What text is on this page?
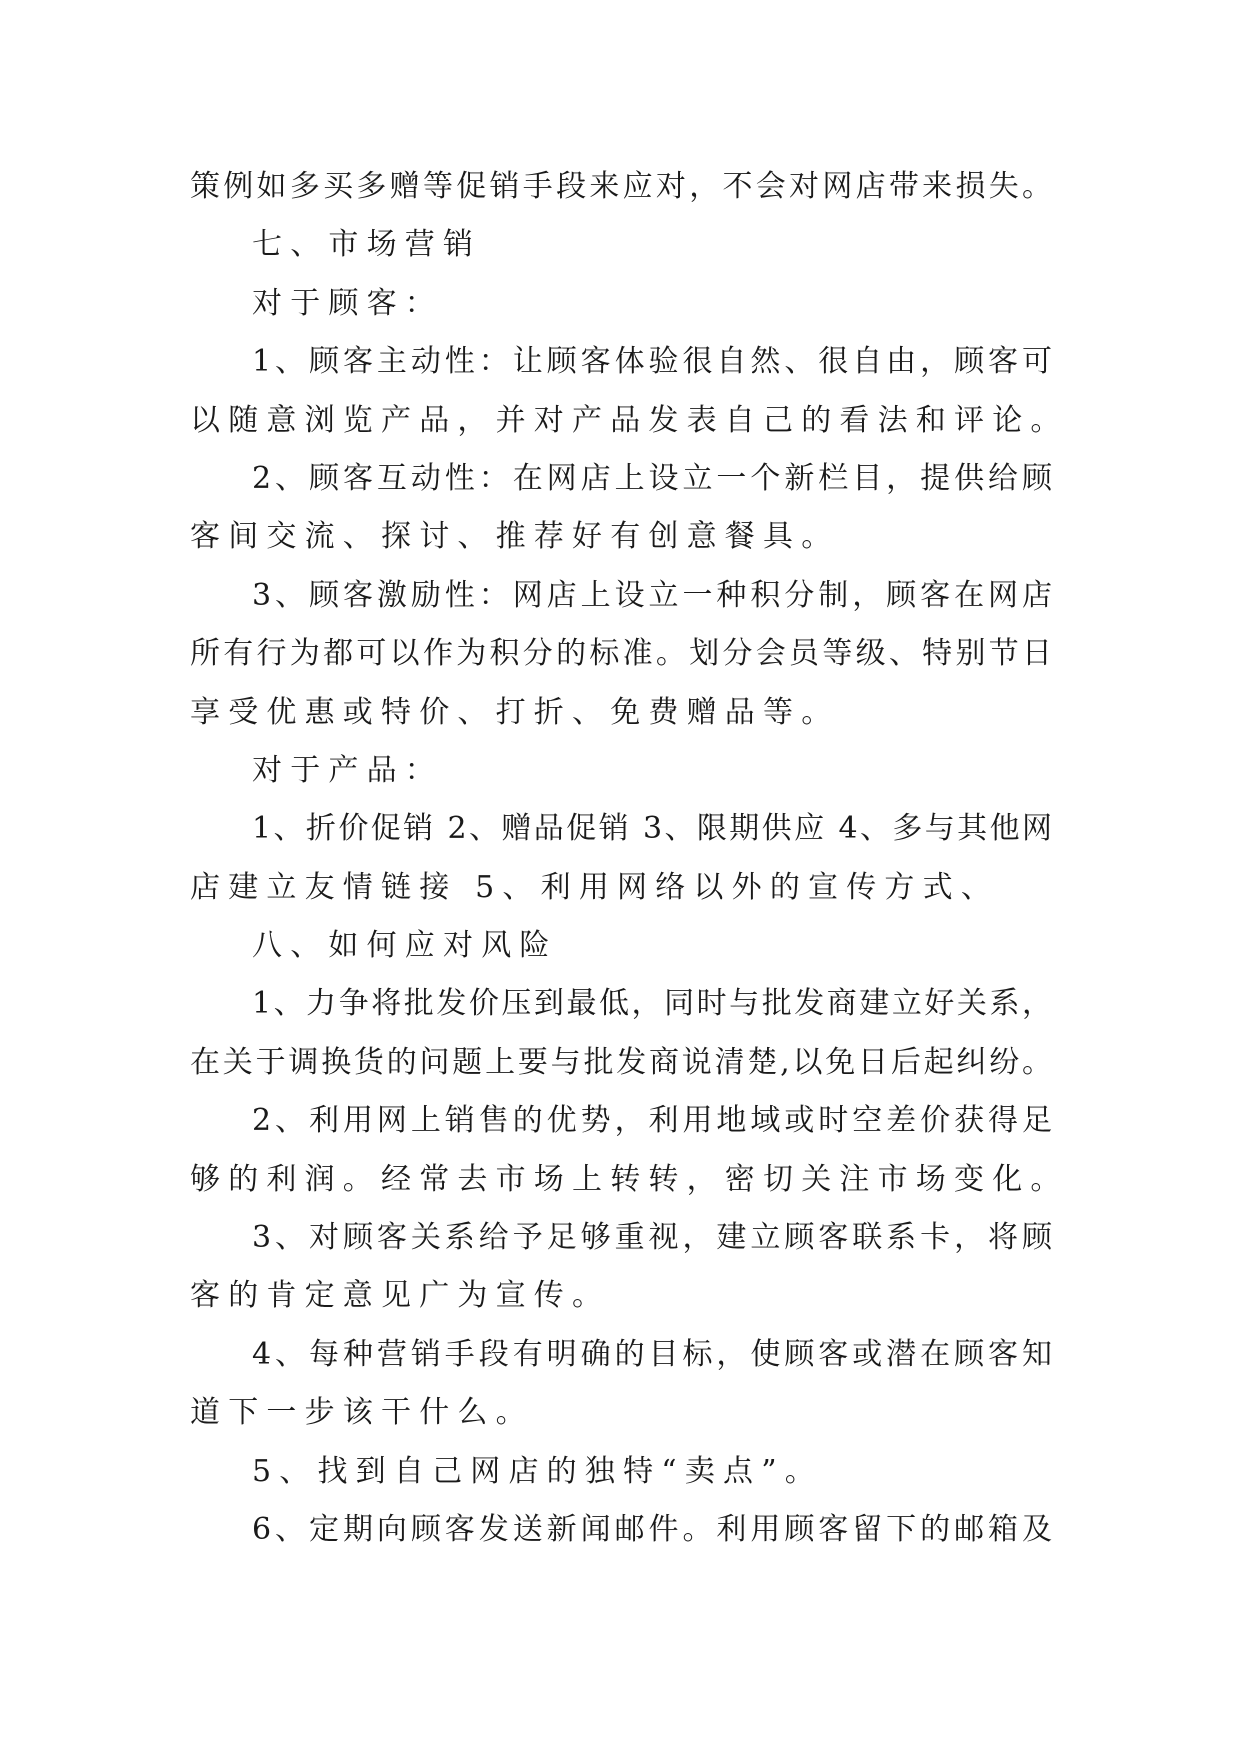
策例如多买多赠等促销手段来应对，不会对网店带来损失。
七、市场营销
对于顾客：
1、顾客主动性：让顾客体验很自然、很自由，顾客可
以随意浏览产品，并对产品发表自己的看法和评论。
2、顾客互动性：在网店上设立一个新栏目，提供给顾
客间交流、探讨、推荐好有创意餐具。
3、顾客激励性：网店上设立一种积分制，顾客在网店
所有行为都可以作为积分的标准。划分会员等级、特别节日
享受优惠或特价、打折、免费赠品等。
对于产品：
1、折价促销 2、赠品促销 3、限期供应 4、多与其他网
店建立友情链接 5、利用网络以外的宣传方式、
八、如何应对风险
1、力争将批发价压到最低，同时与批发商建立好关系，
在关于调换货的问题上要与批发商说清楚,以免日后起纠纷。
2、利用网上销售的优势，利用地域或时空差价获得足
够的利润。经常去市场上转转，密切关注市场变化。
3、对顾客关系给予足够重视，建立顾客联系卡，将顾
客的肯定意见广为宣传。
4、每种营销手段有明确的目标，使顾客或潜在顾客知
道下一步该干什么。
5、找到自己网店的独特“卖点”。
6、定期向顾客发送新闻邮件。利用顾客留下的邮箱及
